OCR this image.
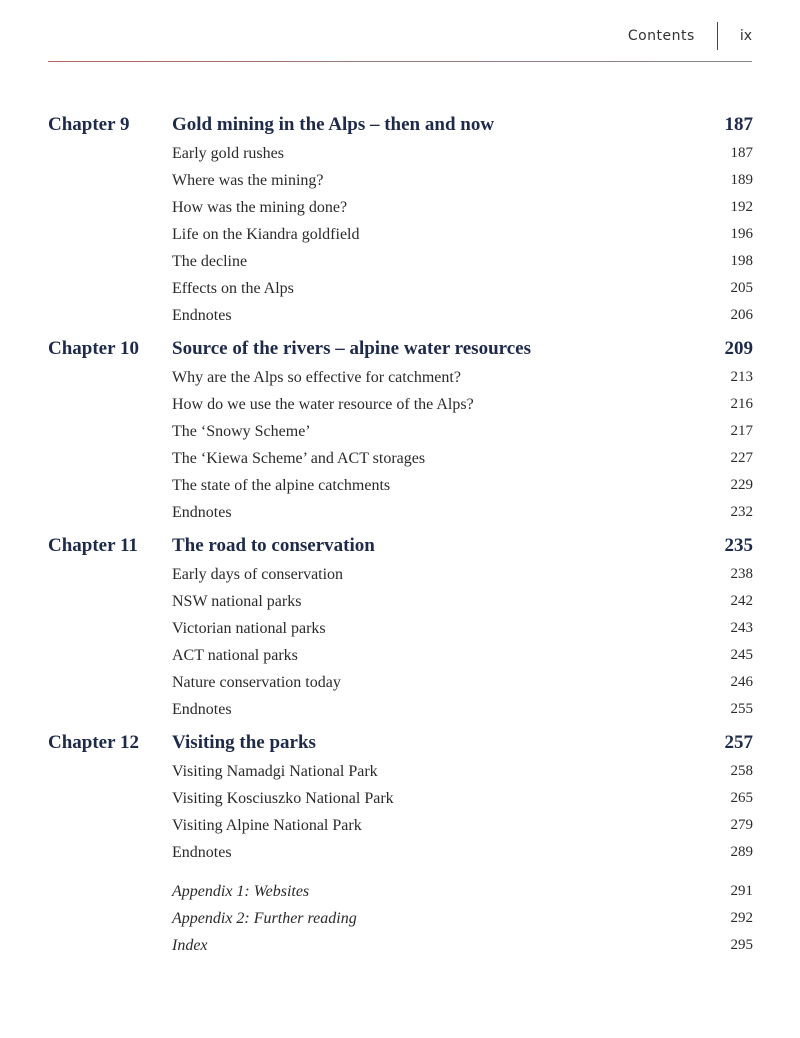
Contents	ix
Chapter 9 Gold mining in the Alps – then and now	187
Early gold rushes	187
Where was the mining?	189
How was the mining done?	192
Life on the Kiandra goldfield	196
The decline	198
Effects on the Alps	205
Endnotes	206
Chapter 10 Source of the rivers – alpine water resources	209
Why are the Alps so effective for catchment?	213
How do we use the water resource of the Alps?	216
The ‘Snowy Scheme’	217
The ‘Kiewa Scheme’ and ACT storages	227
The state of the alpine catchments	229
Endnotes	232
Chapter 11 The road to conservation	235
Early days of conservation	238
NSW national parks	242
Victorian national parks	243
ACT national parks	245
Nature conservation today	246
Endnotes	255
Chapter 12 Visiting the parks	257
Visiting Namadgi National Park	258
Visiting Kosciuszko National Park	265
Visiting Alpine National Park	279
Endnotes	289
Appendix 1: Websites	291
Appendix 2: Further reading	292
Index	295
